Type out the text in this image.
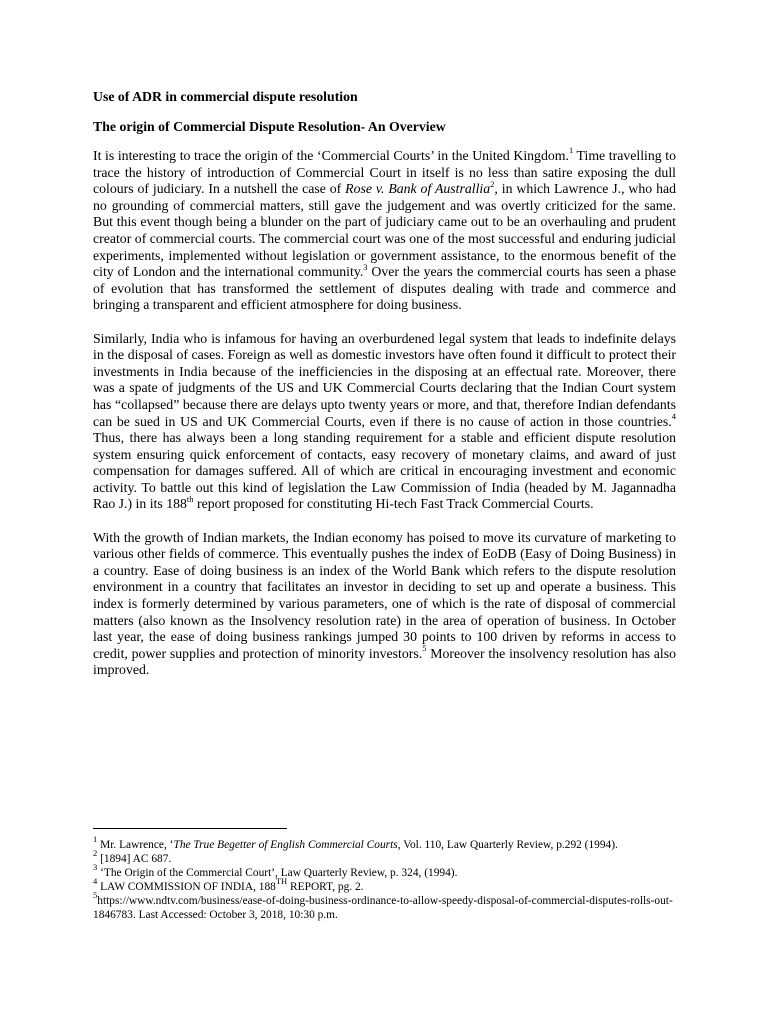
Use of ADR in commercial dispute resolution

The origin of Commercial Dispute Resolution- An Overview

It is interesting to trace the origin of the ‘Commercial Courts’ in the United Kingdom.$^1$ Time travelling to trace the history of introduction of Commercial Court in itself is no less than satire exposing the dull colours of judiciary. In a nutshell the case of Rose v. Bank of Australlia$^2$, in which Lawrence J., who had no grounding of commercial matters, still gave the judgement and was overtly criticized for the same. But this event though being a blunder on the part of judiciary came out to be an overhauling and prudent creator of commercial courts. The commercial court was one of the most successful and enduring judicial experiments, implemented without legislation or government assistance, to the enormous benefit of the city of London and the international community.$^3$ Over the years the commercial courts has seen a phase of evolution that has transformed the settlement of disputes dealing with trade and commerce and bringing a transparent and efficient atmosphere for doing business.

Similarly, India who is infamous for having an overburdened legal system that leads to indefinite delays in the disposal of cases. Foreign as well as domestic investors have often found it difficult to protect their investments in India because of the inefficiencies in the disposing at an effectual rate. Moreover, there was a spate of judgments of the US and UK Commercial Courts declaring that the Indian Court system has “collapsed” because there are delays upto twenty years or more, and that, therefore Indian defendants can be sued in US and UK Commercial Courts, even if there is no cause of action in those countries.$^4$ Thus, there has always been a long standing requirement for a stable and efficient dispute resolution system ensuring quick enforcement of contacts, easy recovery of monetary claims, and award of just compensation for damages suffered. All of which are critical in encouraging investment and economic activity. To battle out this kind of legislation the Law Commission of India (headed by M. Jagannadha Rao J.) in its 188th report proposed for constituting Hi-tech Fast Track Commercial Courts.

With the growth of Indian markets, the Indian economy has poised to move its curvature of marketing to various other fields of commerce. This eventually pushes the index of EoDB (Easy of Doing Business) in a country. Ease of doing business is an index of the World Bank which refers to the dispute resolution environment in a country that facilitates an investor in deciding to set up and operate a business. This index is formerly determined by various parameters, one of which is the rate of disposal of commercial matters (also known as the Insolvency resolution rate) in the area of operation of business. In October last year, the ease of doing business rankings jumped 30 points to 100 driven by reforms in access to credit, power supplies and protection of minority investors.$^5$ Moreover the insolvency resolution has also improved.

$^1$ Mr. Lawrence, ‘The True Begetter of English Commercial Courts, Vol. 110, Law Quarterly Review, p.292 (1994).

$^2$ [1894] AC 687.

$^3$ ‘The Origin of the Commercial Court’, Law Quarterly Review, p. 324, (1994).

$^4$ LAW COMMISSION OF INDIA, 188TH REPORT, pg. 2.

$^5$https://www.ndtv.com/business/ease-of-doing-business-ordinance-to-allow-speedy-disposal-of-commercial-disputes-rolls-out-1846783. Last Accessed: October 3, 2018, 10:30 p.m.
